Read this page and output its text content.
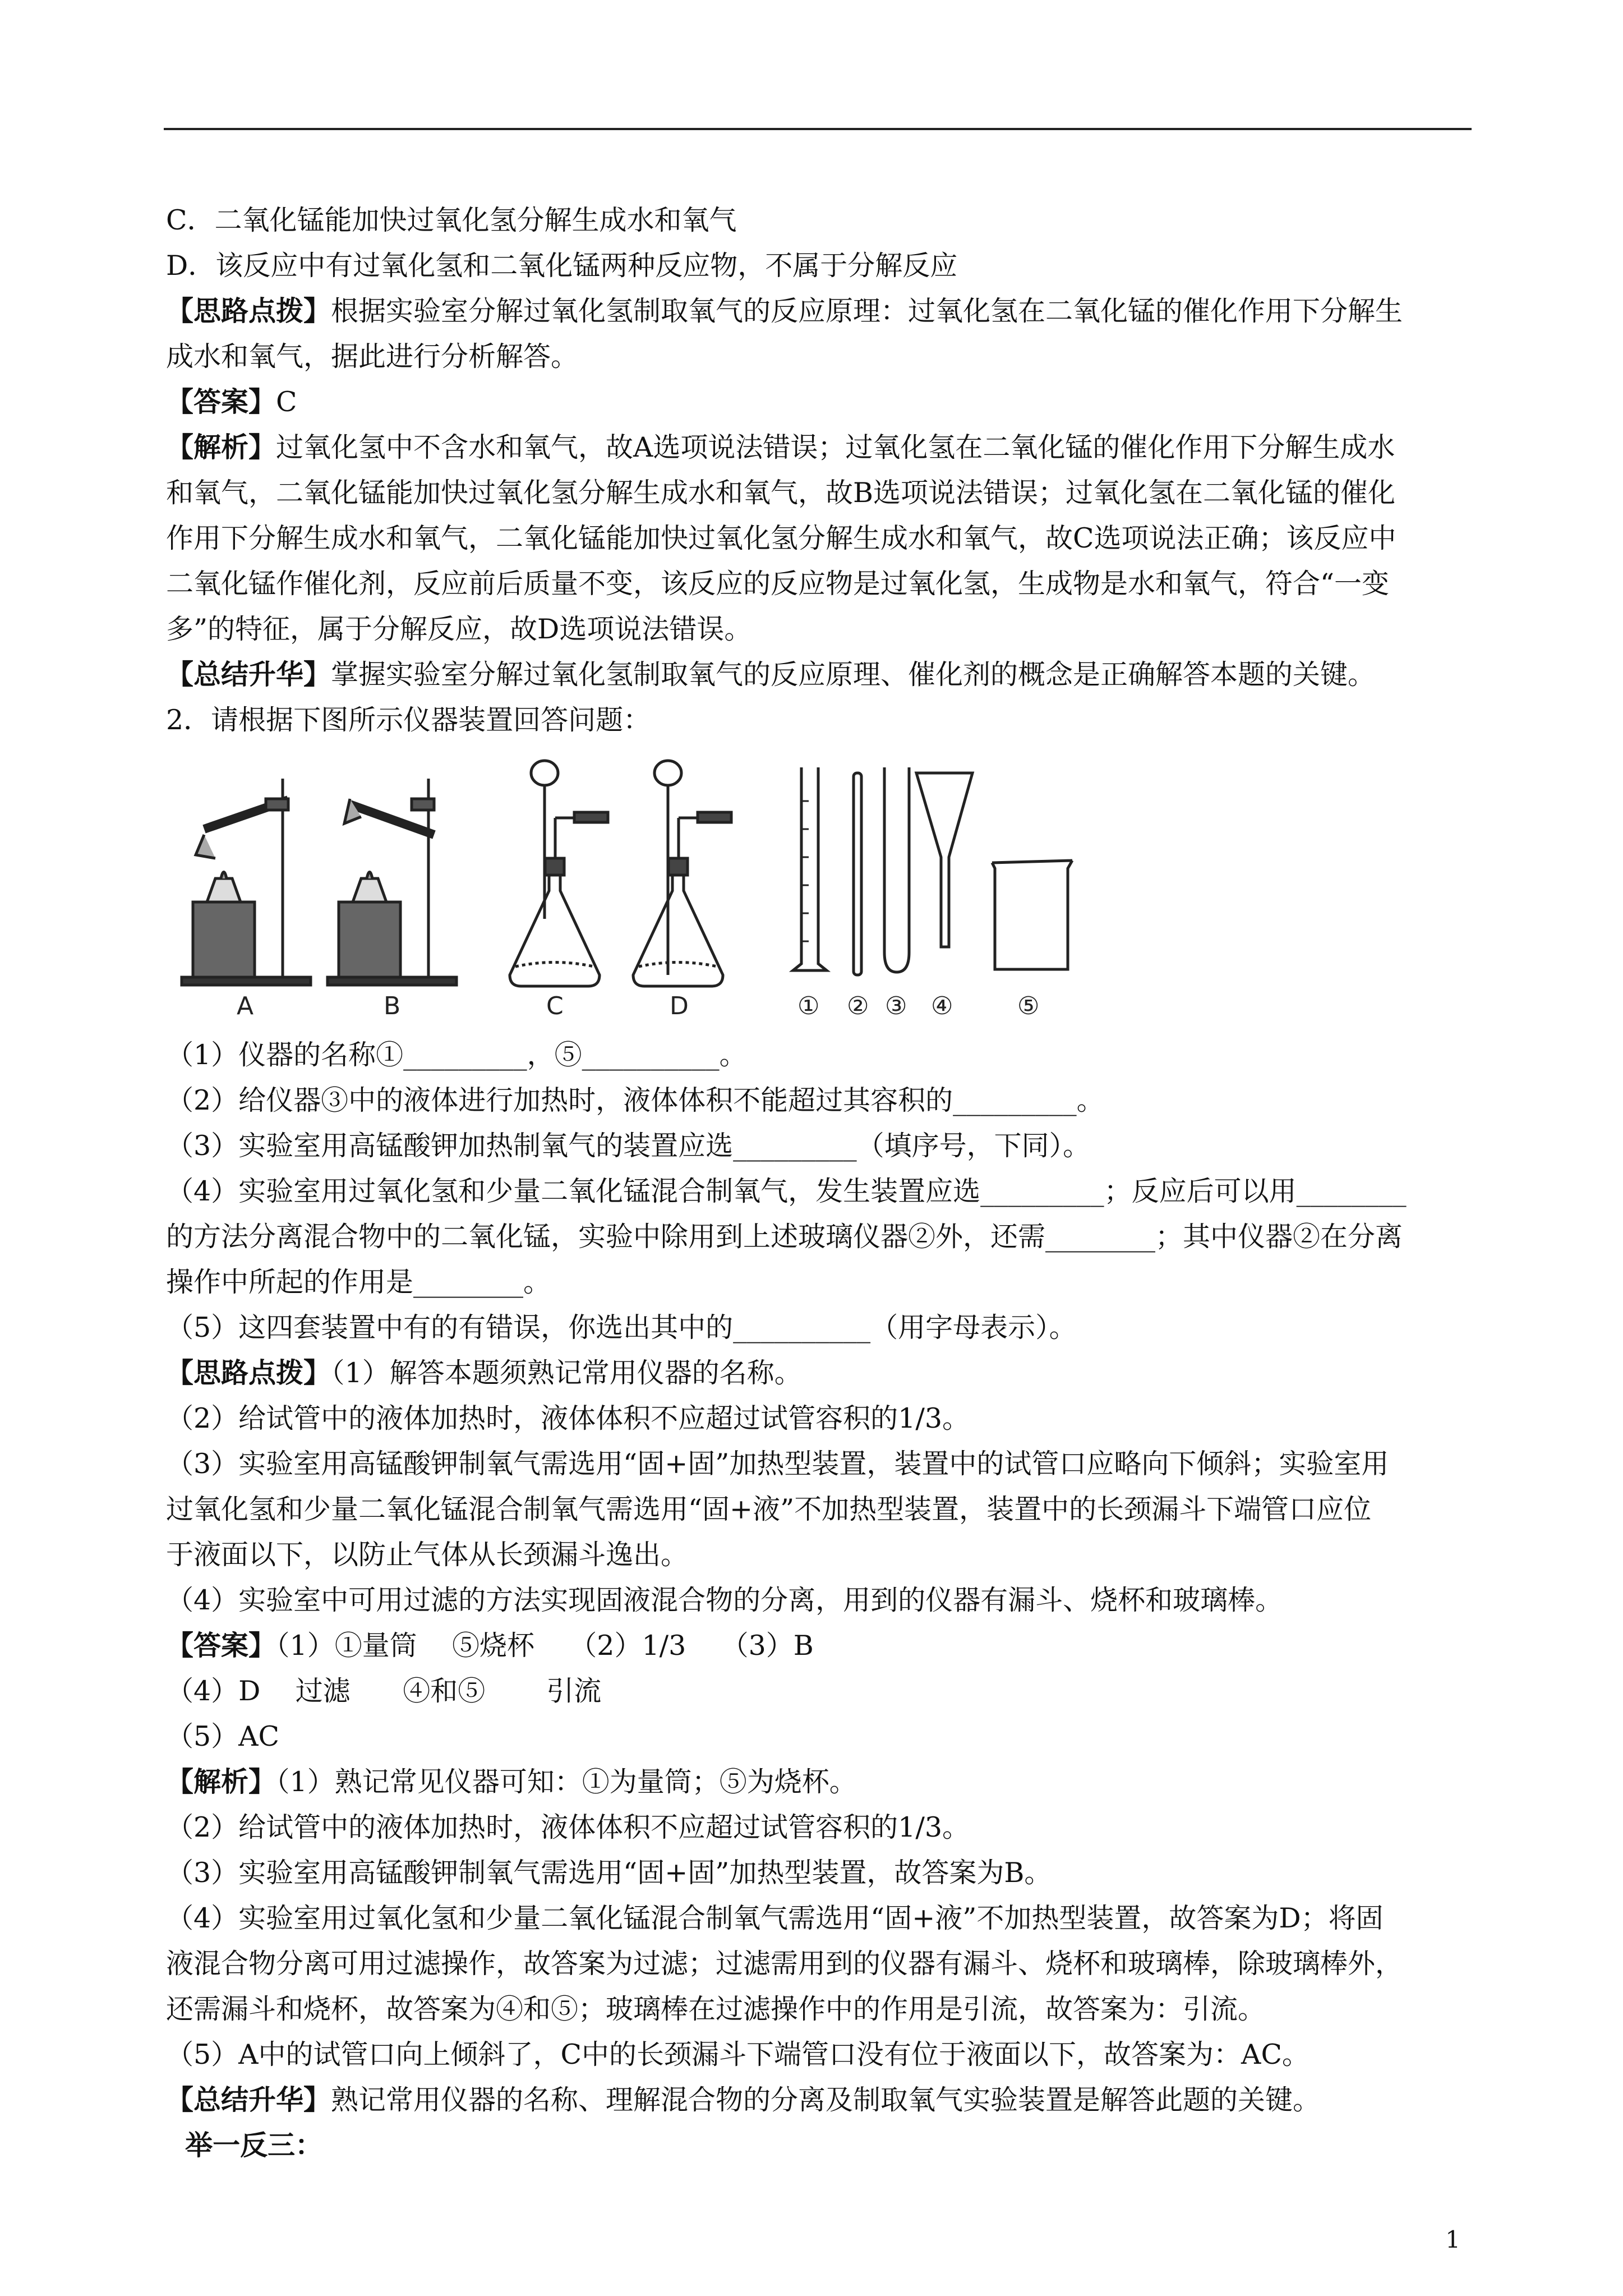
C．二氧化锰能加快过氧化氢分解生成水和氧气

D．该反应中有过氧化氢和二氧化锰两种反应物，不属于分解反应

【思路点拨】根据实验室分解过氧化氢制取氧气的反应原理：过氧化氢在二氧化锰的催化作用下分解生

成水和氧气，据此进行分析解答。

【答案】C

【解析】过氧化氢中不含水和氧气，故A选项说法错误；过氧化氢在二氧化锰的催化作用下分解生成水

和氧气，二氧化锰能加快过氧化氢分解生成水和氧气，故B选项说法错误；过氧化氢在二氧化锰的催化

作用下分解生成水和氧气，二氧化锰能加快过氧化氢分解生成水和氧气，故C选项说法正确；该反应中

二氧化锰作催化剂，反应前后质量不变，该反应的反应物是过氧化氢，生成物是水和氧气，符合“一变

多”的特征，属于分解反应，故D选项说法错误。

【总结升华】掌握实验室分解过氧化氢制取氧气的反应原理、催化剂的概念是正确解答本题的关键。

2．请根据下图所示仪器装置回答问题：

A	B	C	D	① ② ③ ④	⑤

（1）仪器的名称①_________，⑤__________。

（2）给仪器③中的液体进行加热时，液体体积不能超过其容积的_________。

（3）实验室用高锰酸钾加热制氧气的装置应选_________（填序号，下同）。

（4）实验室用过氧化氢和少量二氧化锰混合制氧气，发生装置应选_________；反应后可以用________

的方法分离混合物中的二氧化锰，实验中除用到上述玻璃仪器②外，还需________；其中仪器②在分离

操作中所起的作用是________。

（5）这四套装置中有的有错误，你选出其中的__________（用字母表示）。

【思路点拨】（1）解答本题须熟记常用仪器的名称。

（2）给试管中的液体加热时，液体体积不应超过试管容积的1/3。

（3）实验室用高锰酸钾制氧气需选用“固+固”加热型装置，装置中的试管口应略向下倾斜；实验室用

过氧化氢和少量二氧化锰混合制氧气需选用“固+液”不加热型装置，装置中的长颈漏斗下端管口应位

于液面以下，以防止气体从长颈漏斗逸出。

（4）实验室中可用过滤的方法实现固液混合物的分离，用到的仪器有漏斗、烧杯和玻璃棒。

【答案】（1）①量筒    ⑤烧杯    （2）1/3    （3）B

（4）D    过滤      ④和⑤       引流

（5）AC

【解析】（1）熟记常见仪器可知：①为量筒；⑤为烧杯。

（2）给试管中的液体加热时，液体体积不应超过试管容积的1/3。

（3）实验室用高锰酸钾制氧气需选用“固+固”加热型装置，故答案为B。

（4）实验室用过氧化氢和少量二氧化锰混合制氧气需选用“固+液”不加热型装置，故答案为D；将固

液混合物分离可用过滤操作，故答案为过滤；过滤需用到的仪器有漏斗、烧杯和玻璃棒，除玻璃棒外，

还需漏斗和烧杯，故答案为④和⑤；玻璃棒在过滤操作中的作用是引流，故答案为：引流。

（5）A中的试管口向上倾斜了，C中的长颈漏斗下端管口没有位于液面以下，故答案为：AC。

【总结升华】熟记常用仪器的名称、理解混合物的分离及制取氧气实验装置是解答此题的关键。

举一反三：

1
